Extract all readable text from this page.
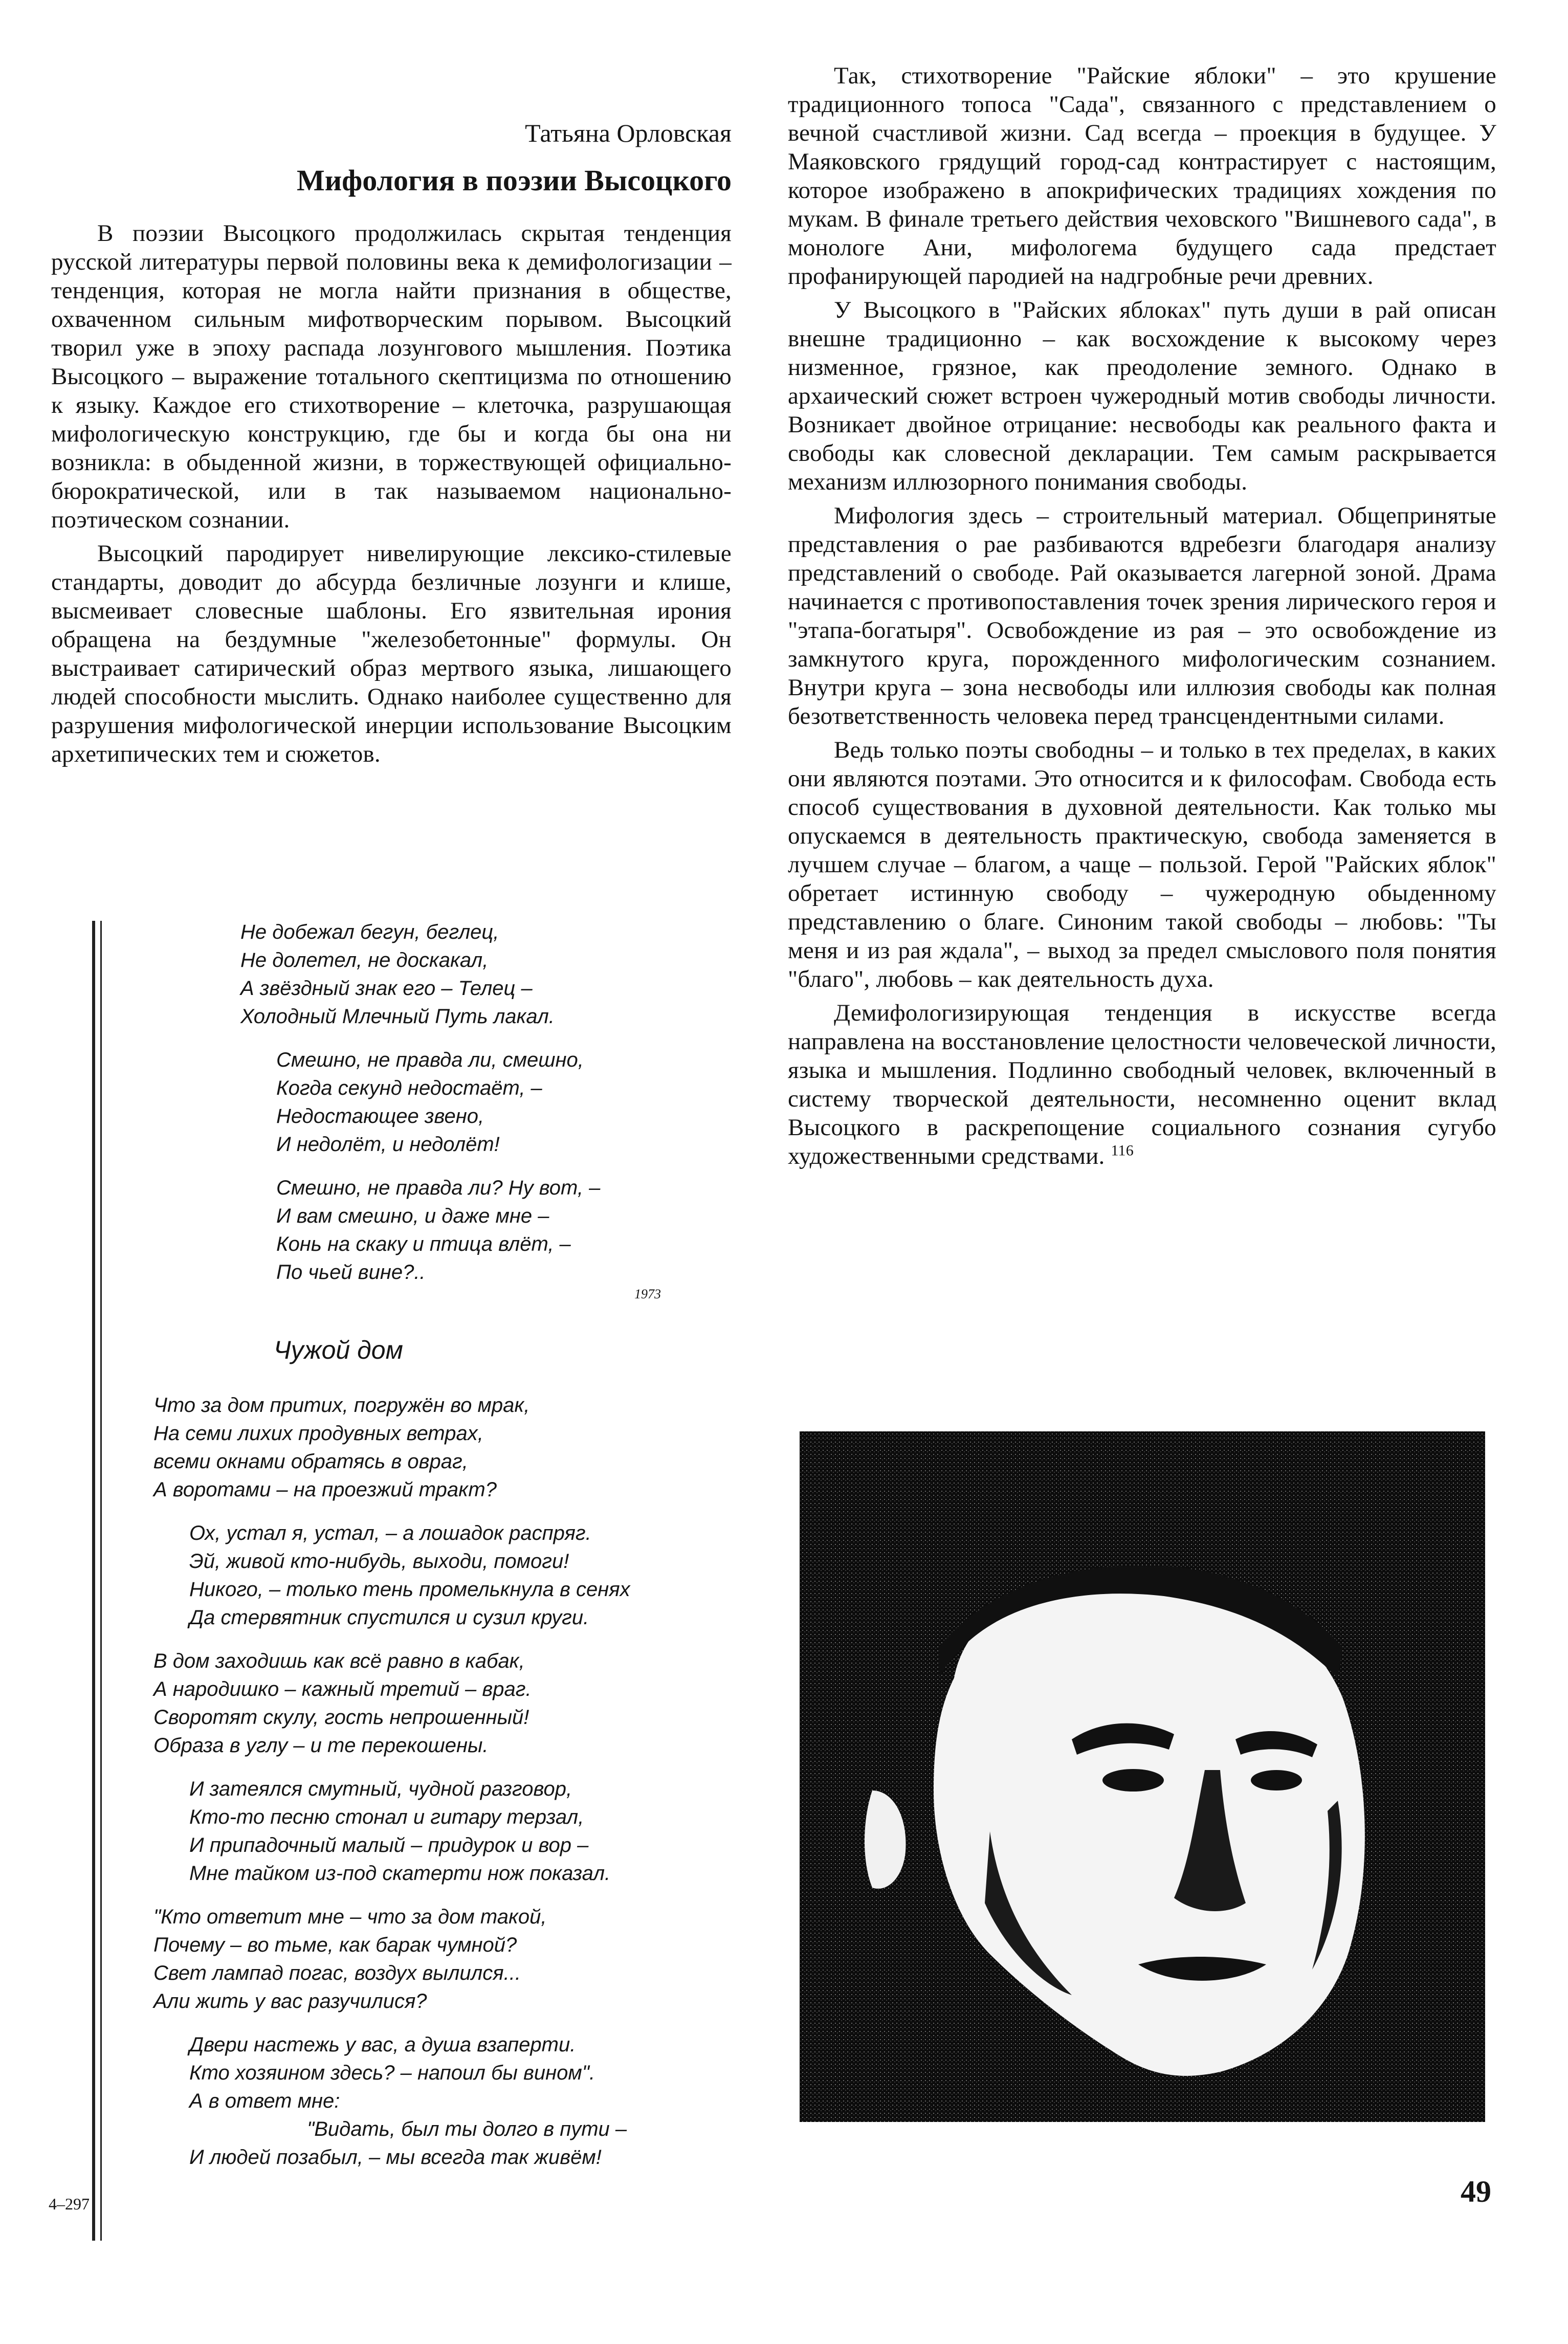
Татьяна Орловская

Мифология в поэзии Высоцкого

В поэзии Высоцкого продолжилась скрытая тенденция русской литературы первой половины века к демифологизации – тенденция, которая не могла найти признания в обществе, охваченном сильным мифотворческим порывом. Высоцкий творил уже в эпоху распада лозунгового мышления. Поэтика Высоцкого – выражение тотального скептицизма по отношению к языку. Каждое его стихотворение – клеточка, разрушающая мифологическую конструкцию, где бы и когда бы она ни возникла: в обыденной жизни, в торжествующей официально-бюрократической, или в так называемом национально-поэтическом сознании.

Высоцкий пародирует нивелирующие лексико-стилевые стандарты, доводит до абсурда безличные лозунги и клише, высмеивает словесные шаблоны. Его язвительная ирония обращена на бездумные "железобетонные" формулы. Он выстраивает сатирический образ мертвого языка, лишающего людей способности мыслить. Однако наиболее существенно для разрушения мифологической инерции использование Высоцким архетипических тем и сюжетов.

Так, стихотворение "Райские яблоки" – это крушение традиционного топоса "Сада", связанного с представлением о вечной счастливой жизни. Сад всегда – проекция в будущее. У Маяковского грядущий город-сад контрастирует с настоящим, которое изображено в апокрифических традициях хождения по мукам. В финале третьего действия чеховского "Вишневого сада", в монологе Ани, мифологема будущего сада предстает профанирующей пародией на надгробные речи древних.

У Высоцкого в "Райских яблоках" путь души в рай описан внешне традиционно – как восхождение к высокому через низменное, грязное, как преодоление земного. Однако в архаический сюжет встроен чужеродный мотив свободы личности. Возникает двойное отрицание: несвободы как реального факта и свободы как словесной декларации. Тем самым раскрывается механизм иллюзорного понимания свободы.

Мифология здесь – строительный материал. Общепринятые представления о рае разбиваются вдребезги благодаря анализу представлений о свободе. Рай оказывается лагерной зоной. Драма начинается с противопоставления точек зрения лирического героя и "этапа-богатыря". Освобождение из рая – это освобождение из замкнутого круга, порожденного мифологическим сознанием. Внутри круга – зона несвободы или иллюзия свободы как полная безответственность человека перед трансцендентными силами.

Ведь только поэты свободны – и только в тех пределах, в каких они являются поэтами. Это относится и к философам. Свобода есть способ существования в духовной деятельности. Как только мы опускаемся в деятельность практическую, свобода заменяется в лучшем случае – благом, а чаще – пользой. Герой "Райских яблок" обретает истинную свободу – чужеродную обыденному представлению о благе. Синоним такой свободы – любовь: "Ты меня и из рая ждала", – выход за предел смыслового поля понятия "благо", любовь – как деятельность духа.

Демифологизирующая тенденция в искусстве всегда направлена на восстановление целостности человеческой личности, языка и мышления. Подлинно свободный человек, включенный в систему творческой деятельности, несомненно оценит вклад Высоцкого в раскрепощение социального сознания сугубо художественными средствами. $^{116}$

Не добежал бегун, беглец,
Не долетел, не доскакал,
А звёздный знак его – Телец –
Холодный Млечный Путь лакал.
Смешно, не правда ли, смешно,
Когда секунд недостаёт, –
Недостающее звено,
И недолёт, и недолёт!
Смешно, не правда ли? Ну вот, –
И вам смешно, и даже мне –
Конь на скаку и птица влёт, –
По чьей вине?..
1973
Чужой дом
Что за дом притих, погружён во мрак,
На семи лихих продувных ветрах,
всеми окнами обратясь в овраг,
А воротами – на проезжий тракт?
Ох, устал я, устал, – а лошадок распряг.
Эй, живой кто-нибудь, выходи, помоги!
Никого, – только тень промелькнула в сенях
Да стервятник спустился и сузил круги.
В дом заходишь как всё равно в кабак,
А народишко – кажный третий – враг.
Своротят скулу, гость непрошенный!
Образа в углу – и те перекошены.
И затеялся смутный, чудной разговор,
Кто-то песню стонал и гитару терзал,
И припадочный малый – придурок и вор –
Мне тайком из-под скатерти нож показал.
"Кто ответит мне – что за дом такой,
Почему – во тьме, как барак чумной?
Свет лампад погас, воздух вылился...
Али жить у вас разучилися?
Двери настежь у вас, а душа взаперти.
Кто хозяином здесь? – напоил бы вином".
А в ответ мне:
"Видать, был ты долго в пути –
И людей позабыл, – мы всегда так живём!
49
4–297
